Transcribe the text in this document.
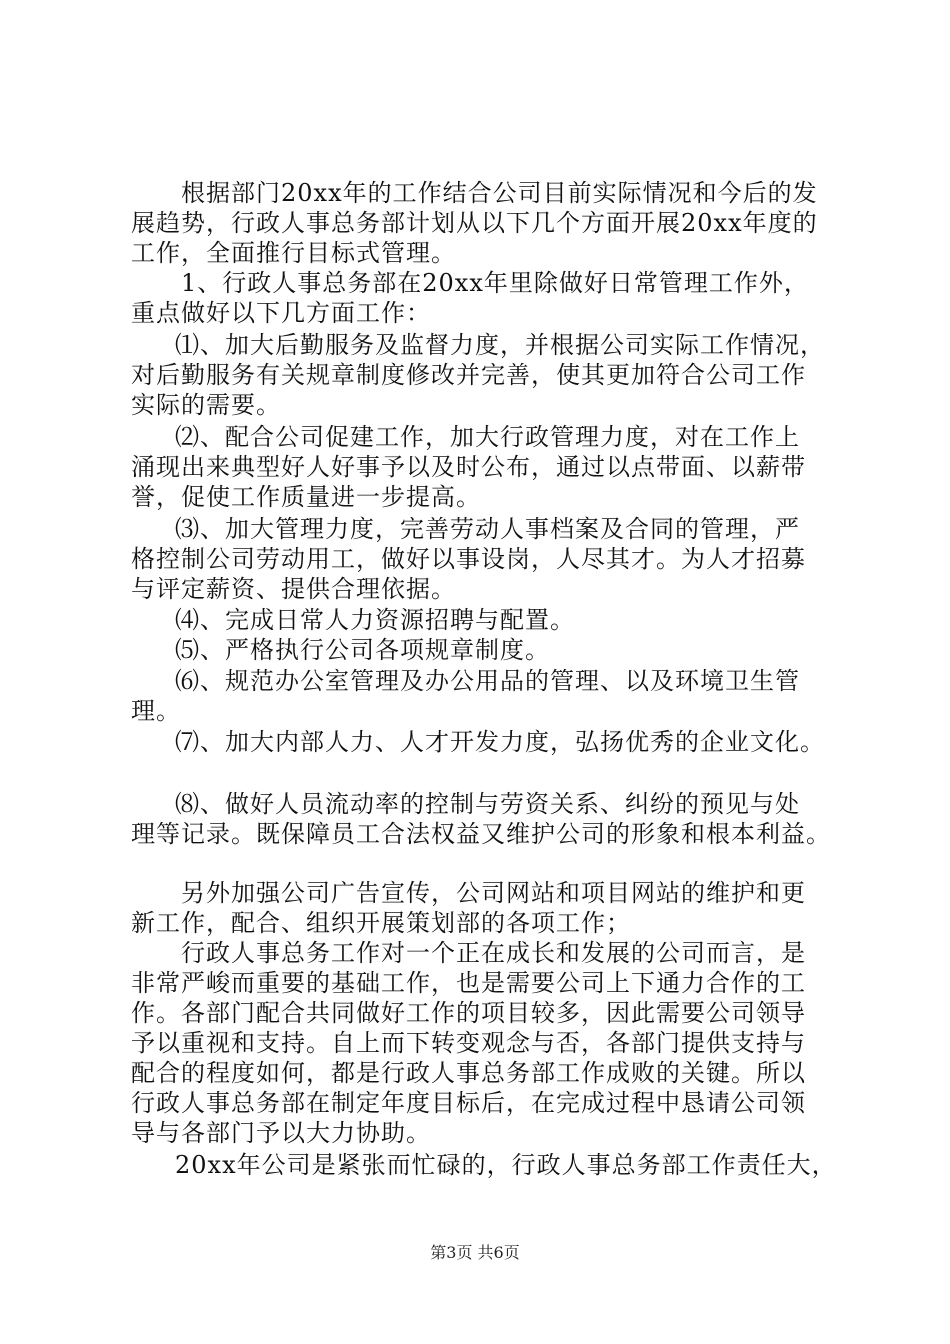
根据部门20xx年的工作结合公司目前实际情况和今后的发
展趋势，行政人事总务部计划从以下几个方面开展20xx年度的
工作，全面推行目标式管理。
1、行政人事总务部在20xx年里除做好日常管理工作外，
重点做好以下几方面工作：
⑴、加大后勤服务及监督力度，并根据公司实际工作情况，
对后勤服务有关规章制度修改并完善，使其更加符合公司工作
实际的需要。
⑵、配合公司促建工作，加大行政管理力度，对在工作上
涌现出来典型好人好事予以及时公布，通过以点带面、以薪带
誉，促使工作质量进一步提高。
⑶、加大管理力度，完善劳动人事档案及合同的管理，严
格控制公司劳动用工，做好以事设岗，人尽其才。为人才招募
与评定薪资、提供合理依据。
⑷、完成日常人力资源招聘与配置。
⑸、严格执行公司各项规章制度。
⑹、规范办公室管理及办公用品的管理、以及环境卫生管
理。
⑺、加大内部人力、人才开发力度，弘扬优秀的企业文化。
⑻、做好人员流动率的控制与劳资关系、纠纷的预见与处
理等记录。既保障员工合法权益又维护公司的形象和根本利益。
另外加强公司广告宣传，公司网站和项目网站的维护和更
新工作，配合、组织开展策划部的各项工作；
行政人事总务工作对一个正在成长和发展的公司而言，是
非常严峻而重要的基础工作，也是需要公司上下通力合作的工
作。各部门配合共同做好工作的项目较多，因此需要公司领导
予以重视和支持。自上而下转变观念与否，各部门提供支持与
配合的程度如何，都是行政人事总务部工作成败的关键。所以
行政人事总务部在制定年度目标后，在完成过程中恳请公司领
导与各部门予以大力协助。
20xx年公司是紧张而忙碌的，行政人事总务部工作责任大，
第3页 共6页
